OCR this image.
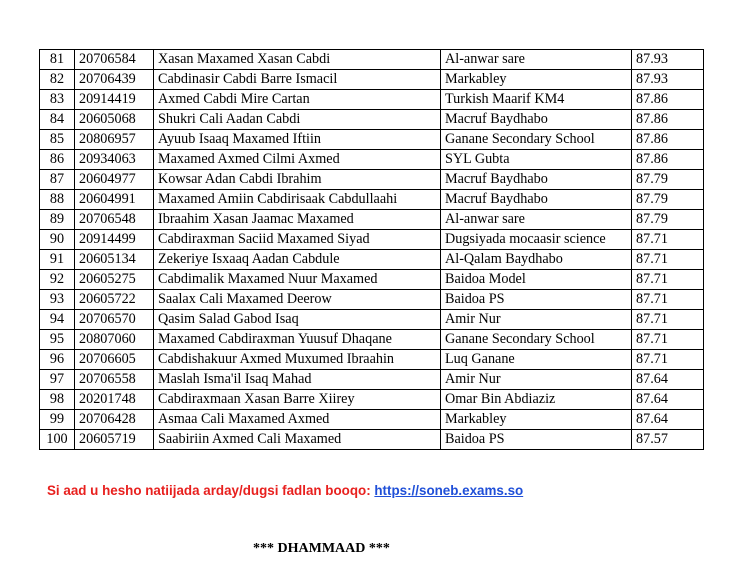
81	20706584	Xasan Maxamed Xasan Cabdi	Al-anwar sare	87.93
82	20706439	Cabdinasir Cabdi Barre Ismacil	Markabley	87.93
83	20914419	Axmed Cabdi Mire Cartan	Turkish Maarif KM4	87.86
84	20605068	Shukri Cali Aadan Cabdi	Macruf Baydhabo	87.86
85	20806957	Ayuub Isaaq Maxamed Iftiin	Ganane Secondary School	87.86
86	20934063	Maxamed Axmed Cilmi Axmed	SYL Gubta	87.86
87	20604977	Kowsar Adan Cabdi Ibrahim	Macruf Baydhabo	87.79
88	20604991	Maxamed Amiin Cabdirisaak Cabdullaahi	Macruf Baydhabo	87.79
89	20706548	Ibraahim Xasan Jaamac Maxamed	Al-anwar sare	87.79
90	20914499	Cabdiraxman Saciid Maxamed Siyad	Dugsiyada mocaasir science	87.71
91	20605134	Zekeriye Isxaaq Aadan Cabdule	Al-Qalam Baydhabo	87.71
92	20605275	Cabdimalik Maxamed Nuur Maxamed	Baidoa Model	87.71
93	20605722	Saalax Cali Maxamed Deerow	Baidoa PS	87.71
94	20706570	Qasim Salad Gabod Isaq	Amir Nur	87.71
95	20807060	Maxamed Cabdiraxman Yuusuf Dhaqane	Ganane Secondary School	87.71
96	20706605	Cabdishakuur Axmed Muxumed Ibraahin	Luq Ganane	87.71
97	20706558	Maslah Isma'il Isaq Mahad	Amir Nur	87.64
98	20201748	Cabdiraxmaan Xasan Barre Xiirey	Omar Bin Abdiaziz	87.64
99	20706428	Asmaa Cali Maxamed Axmed	Markabley	87.64
100	20605719	Saabiriin Axmed Cali Maxamed	Baidoa PS	87.57
Si aad u hesho natiijada arday/dugsi fadlan booqo: https://soneb.exams.so
*** DHAMMAAD ***
